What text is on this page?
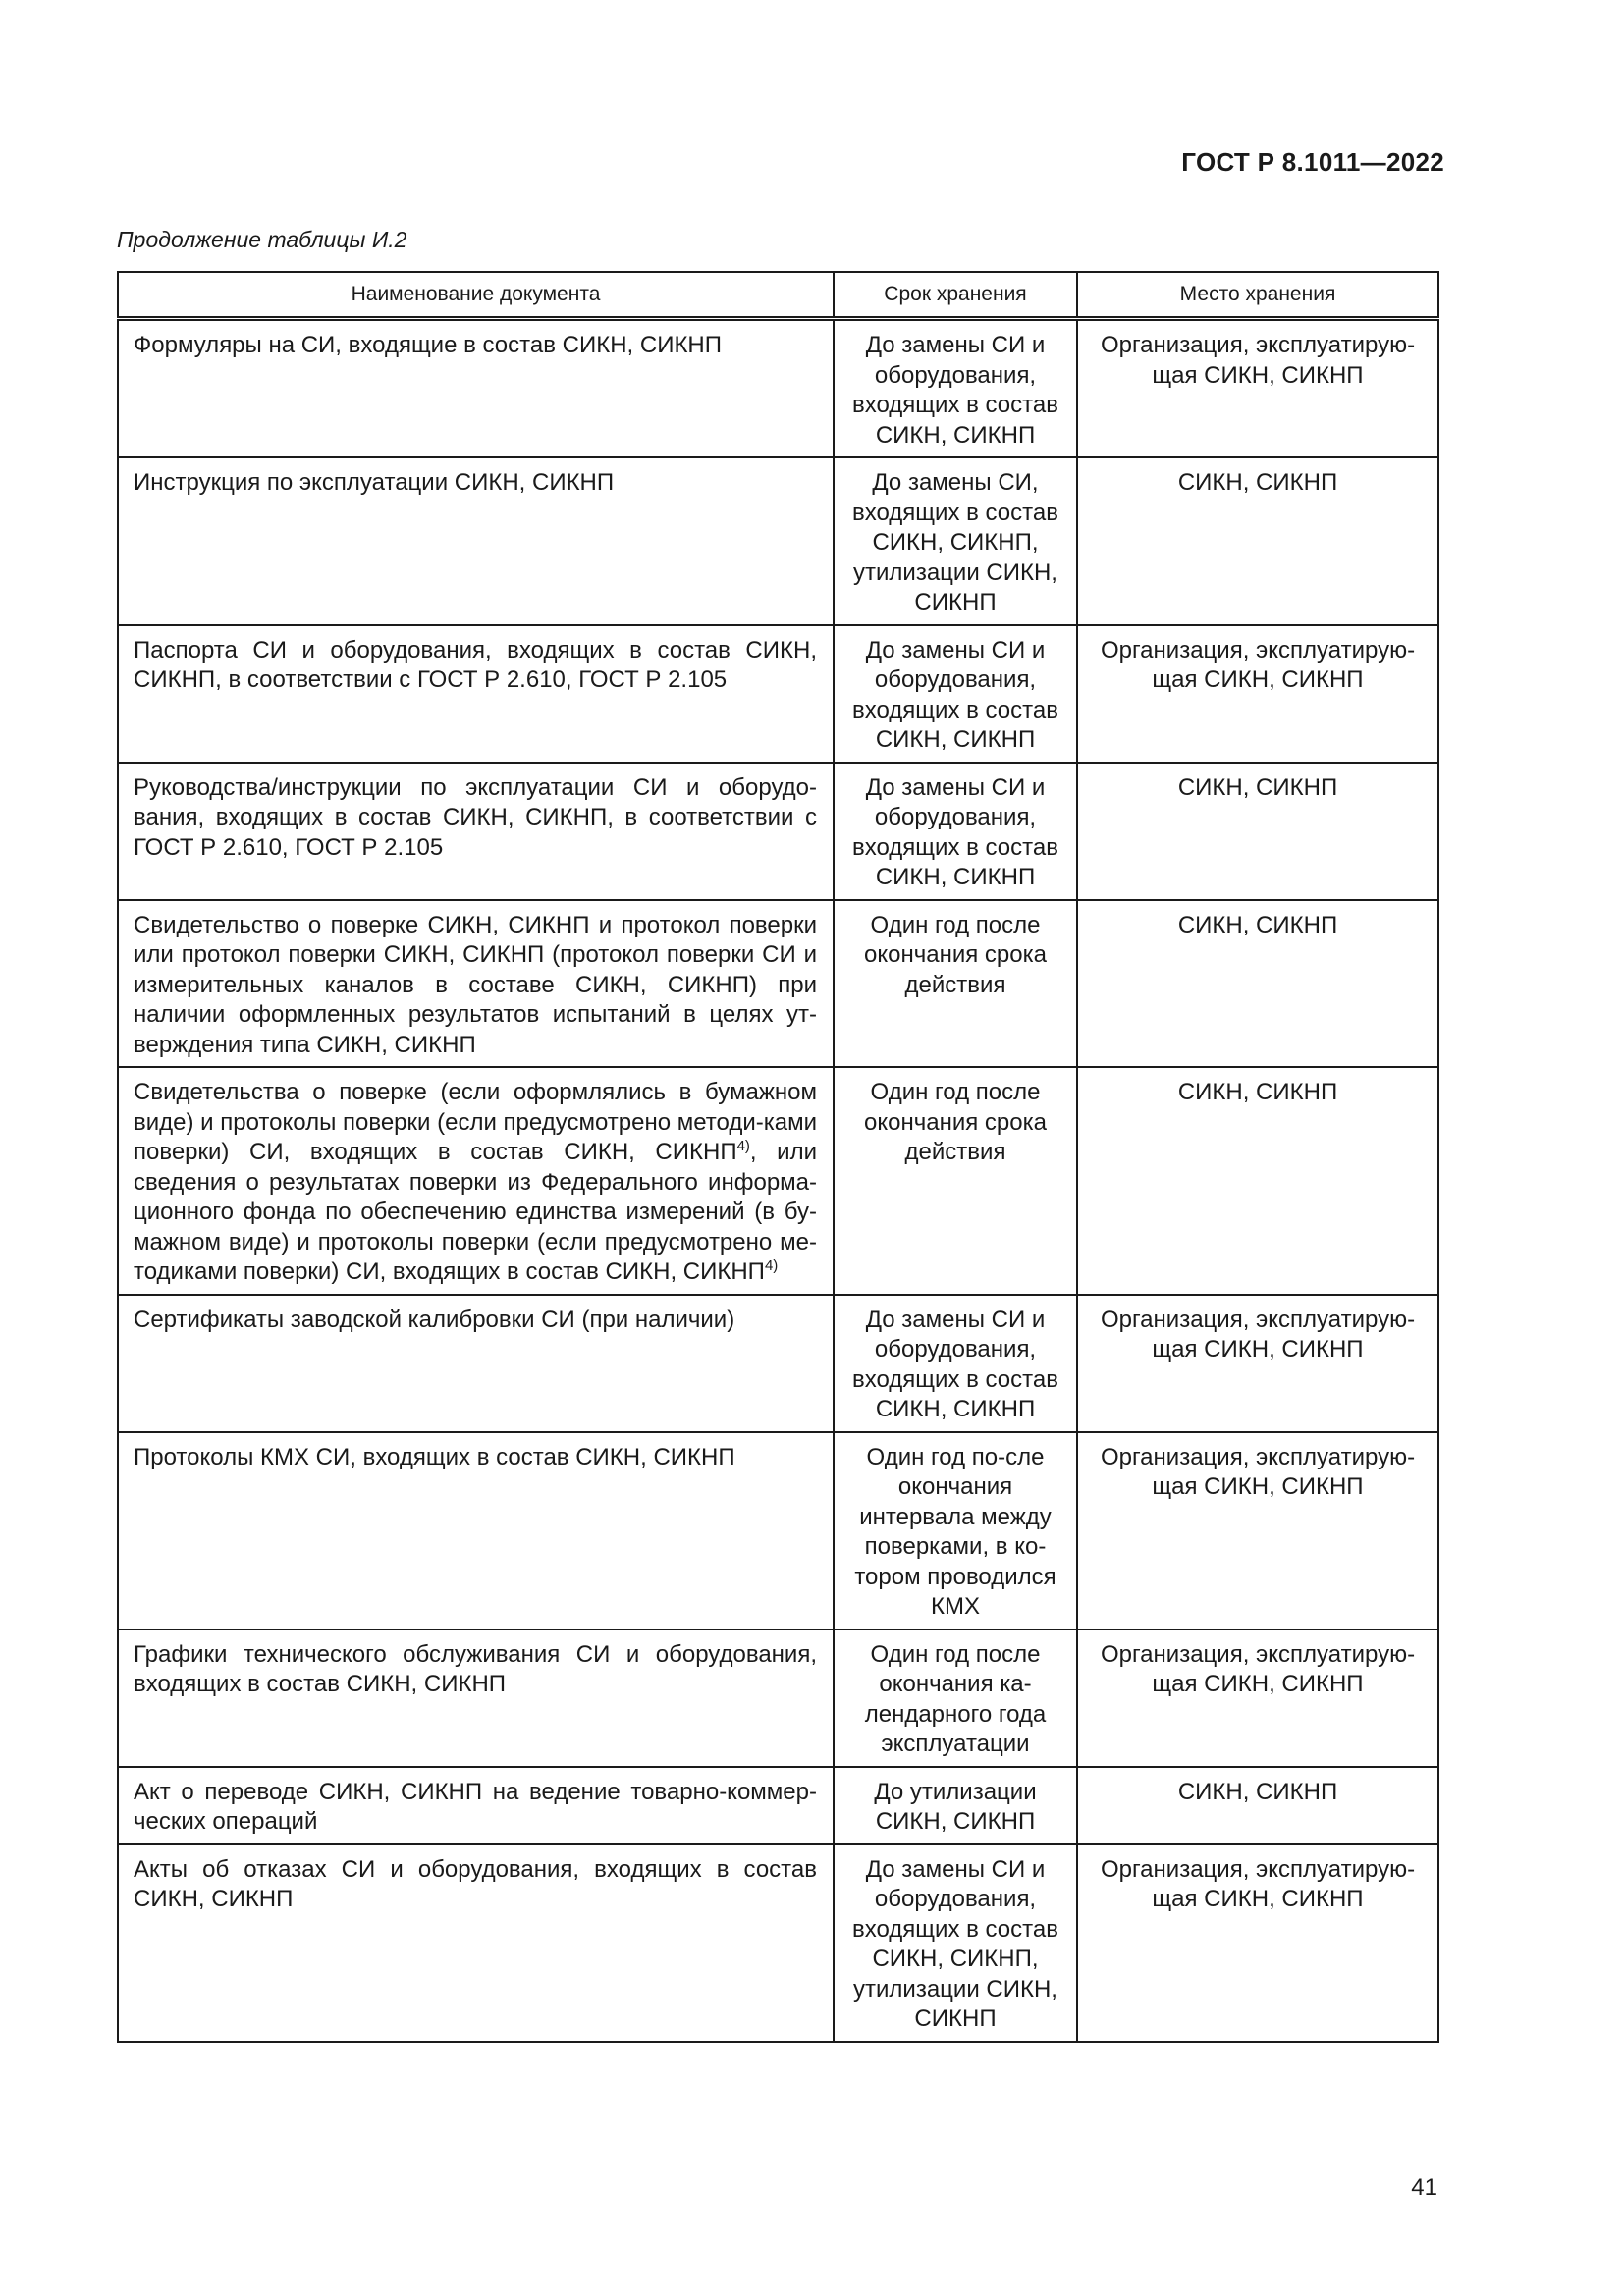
ГОСТ Р 8.1011—2022
Продолжение таблицы И.2
Наименование документа	Срок хранения	Место хранения
Формуляры на СИ, входящие в состав СИКН, СИКНП	До замены СИ и оборудования, входящих в состав СИКН, СИКНП	Организация, эксплуатирую-щая СИКН, СИКНП
Инструкция по эксплуатации СИКН, СИКНП	До замены СИ, входящих в состав СИКН, СИКНП, утилизации СИКН, СИКНП	СИКН, СИКНП
Паспорта СИ и оборудования, входящих в состав СИКН, СИКНП, в соответствии с ГОСТ Р 2.610, ГОСТ Р 2.105	До замены СИ и оборудования, входящих в состав СИКН, СИКНП	Организация, эксплуатирую-щая СИКН, СИКНП
Руководства/инструкции по эксплуатации СИ и оборудо-вания, входящих в состав СИКН, СИКНП, в соответствии с ГОСТ Р 2.610, ГОСТ Р 2.105	До замены СИ и оборудования, входящих в состав СИКН, СИКНП	СИКН, СИКНП
Свидетельство о поверке СИКН, СИКНП и протокол поверки или протокол поверки СИКН, СИКНП (протокол поверки СИ и измерительных каналов в составе СИКН, СИКНП) при наличии оформленных результатов испытаний в целях ут-верждения типа СИКН, СИКНП	Один год после окончания срока действия	СИКН, СИКНП
Свидетельства о поверке (если оформлялись в бумажном виде) и протоколы поверки (если предусмотрено методи-ками поверки) СИ, входящих в состав СИКН, СИКНП$^{4)}$, или сведения о результатах поверки из Федерального информа-ционного фонда по обеспечению единства измерений (в бу-мажном виде) и протоколы поверки (если предусмотрено ме-тодиками поверки) СИ, входящих в состав СИКН, СИКНП$^{4)}$	Один год после окончания срока действия	СИКН, СИКНП
Сертификаты заводской калибровки СИ (при наличии)	До замены СИ и оборудования, входящих в состав СИКН, СИКНП	Организация, эксплуатирую-щая СИКН, СИКНП
Протоколы КМХ СИ, входящих в состав СИКН, СИКНП	Один год по-сле окончания интервала между поверками, в ко-тором проводился КМХ	Организация, эксплуатирую-щая СИКН, СИКНП
Графики технического обслуживания СИ и оборудования, входящих в состав СИКН, СИКНП	Один год после окончания ка-лендарного года эксплуатации	Организация, эксплуатирую-щая СИКН, СИКНП
Акт о переводе СИКН, СИКНП на ведение товарно-коммер-ческих операций	До утилизации СИКН, СИКНП	СИКН, СИКНП
Акты об отказах СИ и оборудования, входящих в состав СИКН, СИКНП	До замены СИ и оборудования, входящих в состав СИКН, СИКНП, утилизации СИКН, СИКНП	Организация, эксплуатирую-щая СИКН, СИКНП
41
